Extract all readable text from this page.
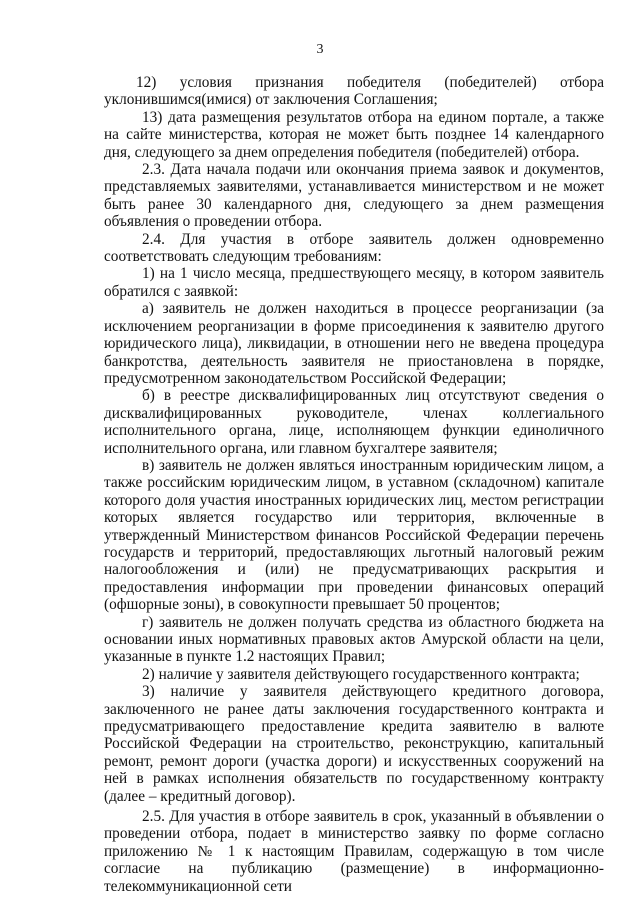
3

12) условия признания победителя (победителей) отбора уклонившимся(имися) от заключения Соглашения;

13) дата размещения результатов отбора на едином портале, а также на сайте министерства, которая не может быть позднее 14 календарного дня, следующего за днем определения победителя (победителей) отбора.

2.3. Дата начала подачи или окончания приема заявок и документов, представляемых заявителями, устанавливается министерством и не может быть ранее 30 календарного дня, следующего за днем размещения объявления о проведении отбора.

2.4. Для участия в отборе заявитель должен одновременно соответствовать следующим требованиям:

1) на 1 число месяца, предшествующего месяцу, в котором заявитель обратился с заявкой:

а) заявитель не должен находиться в процессе реорганизации (за исключением реорганизации в форме присоединения к заявителю другого юридического лица), ликвидации, в отношении него не введена процедура банкротства, деятельность заявителя не приостановлена в порядке, предусмотренном законодательством Российской Федерации;

б) в реестре дисквалифицированных лиц отсутствуют сведения о дисквалифицированных руководителе, членах коллегиального исполнительного органа, лице, исполняющем функции единоличного исполнительного органа, или главном бухгалтере заявителя;

в) заявитель не должен являться иностранным юридическим лицом, а также российским юридическим лицом, в уставном (складочном) капитале которого доля участия иностранных юридических лиц, местом регистрации которых является государство или территория, включенные в утвержденный Министерством финансов Российской Федерации перечень государств и территорий, предоставляющих льготный налоговый режим налогообложения и (или) не предусматривающих раскрытия и предоставления информации при проведении финансовых операций (офшорные зоны), в совокупности превышает 50 процентов;

г) заявитель не должен получать средства из областного бюджета на основании иных нормативных правовых актов Амурской области на цели, указанные в пункте 1.2 настоящих Правил;

2) наличие у заявителя действующего государственного контракта;

3) наличие у заявителя действующего кредитного договора, заключенного не ранее даты заключения государственного контракта и предусматривающего предоставление кредита заявителю в валюте Российской Федерации на строительство, реконструкцию, капитальный ремонт, ремонт дороги (участка дороги) и искусственных сооружений на ней в рамках исполнения обязательств по государственному контракту (далее – кредитный договор).

2.5. Для участия в отборе заявитель в срок, указанный в объявлении о проведении отбора, подает в министерство заявку по форме согласно приложению № 1 к настоящим Правилам, содержащую в том числе согласие на публикацию (размещение) в информационно-телекоммуникационной сети
